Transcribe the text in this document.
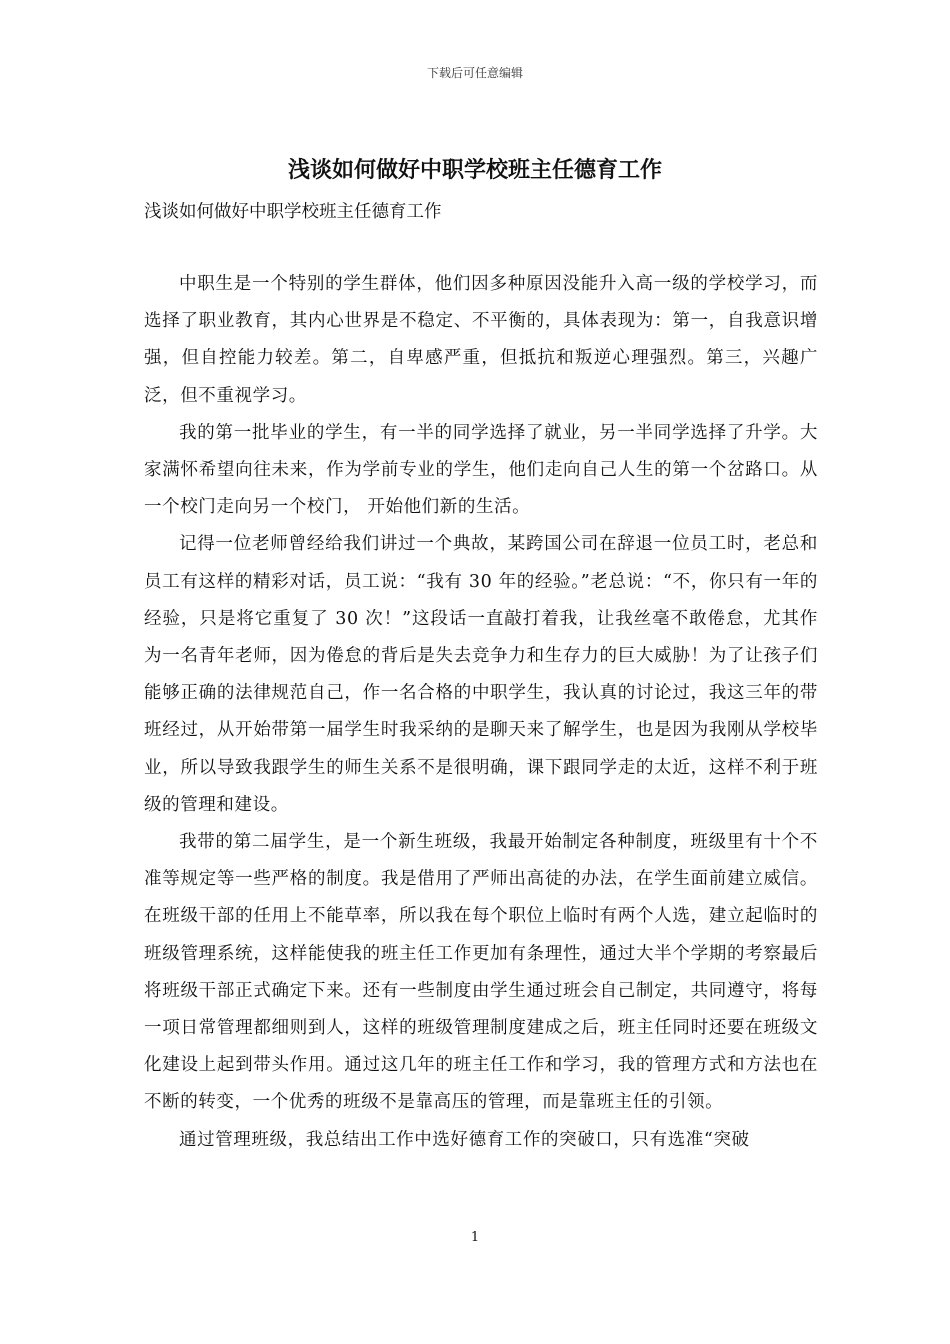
下载后可任意编辑
浅谈如何做好中职学校班主任德育工作
浅谈如何做好中职学校班主任德育工作

中职生是一个特别的学生群体，他们因多种原因没能升入高一级的学校学习，而选择了职业教育，其内心世界是不稳定、不平衡的，具体表现为：第一，自我意识增强，但自控能力较差。第二，自卑感严重，但抵抗和叛逆心理强烈。第三，兴趣广泛，但不重视学习。

我的第一批毕业的学生，有一半的同学选择了就业，另一半同学选择了升学。大家满怀希望向往未来，作为学前专业的学生，他们走向自己人生的第一个岔路口。从一个校门走向另一个校门， 开始他们新的生活。

记得一位老师曾经给我们讲过一个典故，某跨国公司在辞退一位员工时，老总和员工有这样的精彩对话，员工说：“我有 30 年的经验。”老总说：“不，你只有一年的经验，只是将它重复了 30 次！”这段话一直敲打着我，让我丝毫不敢倦怠，尤其作为一名青年老师，因为倦怠的背后是失去竞争力和生存力的巨大威胁！为了让孩子们能够正确的法律规范自己，作一名合格的中职学生，我认真的讨论过，我这三年的带班经过，从开始带第一届学生时我采纳的是聊天来了解学生，也是因为我刚从学校毕业，所以导致我跟学生的师生关系不是很明确，课下跟同学走的太近，这样不利于班级的管理和建设。

我带的第二届学生，是一个新生班级，我最开始制定各种制度，班级里有十个不准等规定等一些严格的制度。我是借用了严师出高徒的办法，在学生面前建立威信。在班级干部的任用上不能草率，所以我在每个职位上临时有两个人选，建立起临时的班级管理系统，这样能使我的班主任工作更加有条理性，通过大半个学期的考察最后将班级干部正式确定下来。还有一些制度由学生通过班会自己制定，共同遵守，将每一项日常管理都细则到人，这样的班级管理制度建成之后，班主任同时还要在班级文化建设上起到带头作用。通过这几年的班主任工作和学习，我的管理方式和方法也在不断的转变，一个优秀的班级不是靠高压的管理，而是靠班主任的引领。

通过管理班级，我总结出工作中选好德育工作的突破口，只有选准“突破

1
